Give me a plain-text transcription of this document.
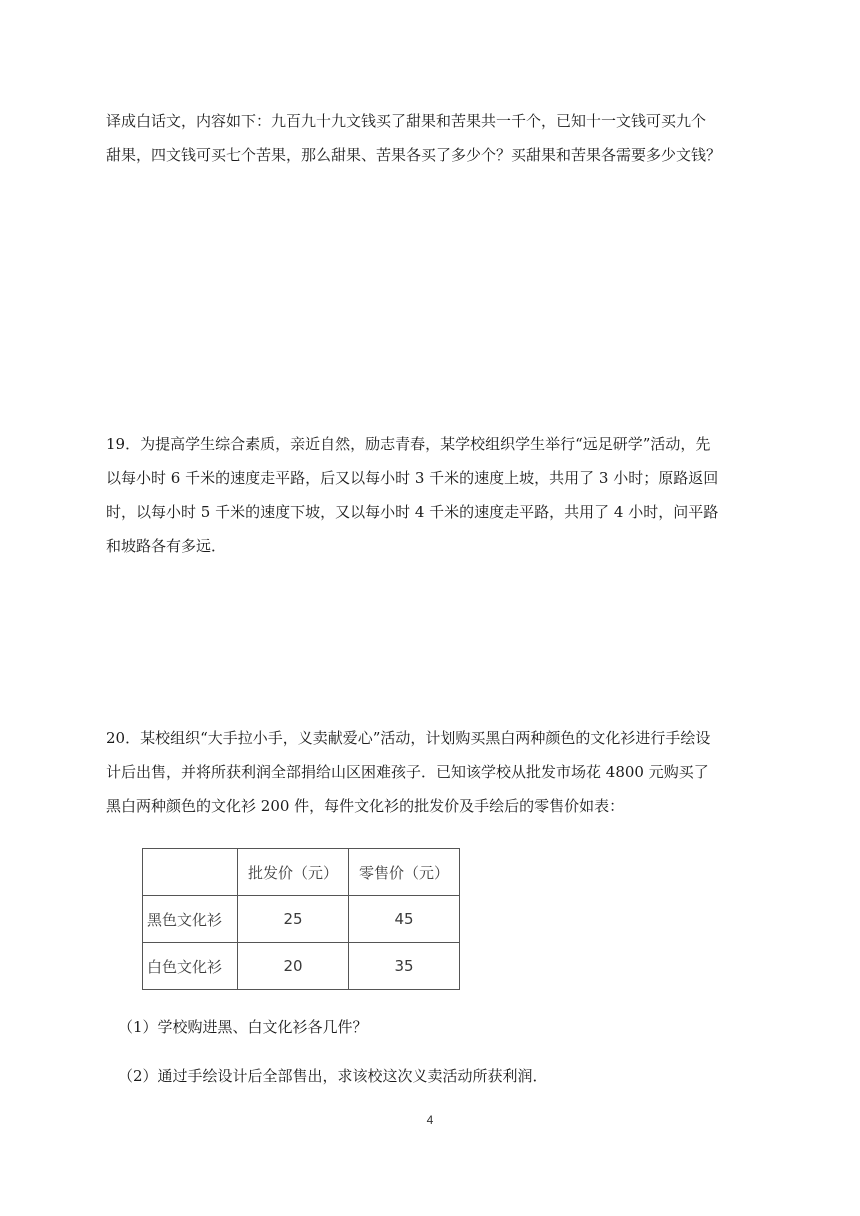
译成白话文，内容如下：九百九十九文钱买了甜果和苦果共一千个，已知十一文钱可买九个
甜果，四文钱可买七个苦果，那么甜果、苦果各买了多少个？买甜果和苦果各需要多少文钱？
19．为提高学生综合素质，亲近自然，励志青春，某学校组织学生举行“远足研学”活动，先
以每小时 6 千米的速度走平路，后又以每小时 3 千米的速度上坡，共用了 3 小时；原路返回
时，以每小时 5 千米的速度下坡，又以每小时 4 千米的速度走平路，共用了 4 小时，问平路
和坡路各有多远．
20．某校组织“大手拉小手，义卖献爱心”活动，计划购买黑白两种颜色的文化衫进行手绘设
计后出售，并将所获利润全部捐给山区困难孩子．已知该学校从批发市场花 4800 元购买了
黑白两种颜色的文化衫 200 件，每件文化衫的批发价及手绘后的零售价如表：
	批发价（元）	零售价（元）
黑色文化衫	25	45
白色文化衫	20	35
（1）学校购进黑、白文化衫各几件？
（2）通过手绘设计后全部售出，求该校这次义卖活动所获利润．
4
